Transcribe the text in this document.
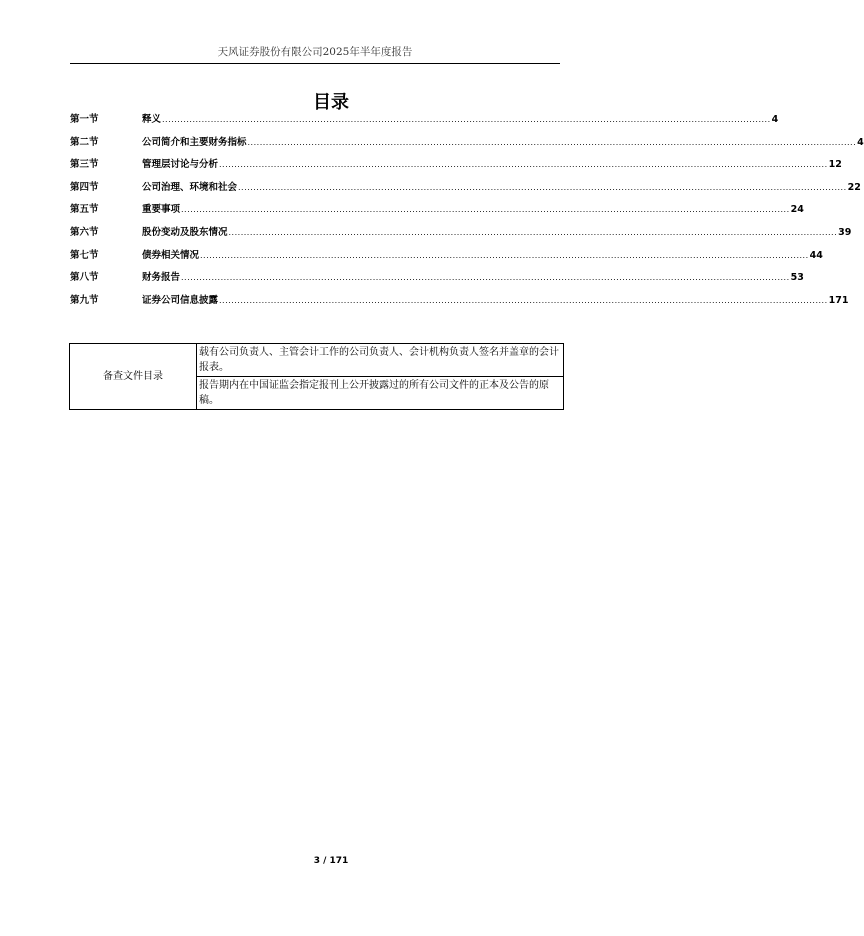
天风证券股份有限公司2025年半年度报告
目录
第一节	释义 ........................................................................................................................................................................................................ 4
第二节	公司简介和主要财务指标 ........................................................................................................................................................................................................ 4
第三节	管理层讨论与分析 ........................................................................................................................................................................................................ 12
第四节	公司治理、环境和社会 ........................................................................................................................................................................................................ 22
第五节	重要事项 ........................................................................................................................................................................................................ 24
第六节	股份变动及股东情况 ........................................................................................................................................................................................................ 39
第七节	债券相关情况 ........................................................................................................................................................................................................ 44
第八节	财务报告 ........................................................................................................................................................................................................ 53
第九节	证券公司信息披露 ........................................................................................................................................................................................................ 171
备查文件目录	载有公司负责人、主管会计工作的公司负责人、会计机构负责人签名并盖章的会计报表。
报告期内在中国证监会指定报刊上公开披露过的所有公司文件的正本及公告的原稿。
3 / 171
